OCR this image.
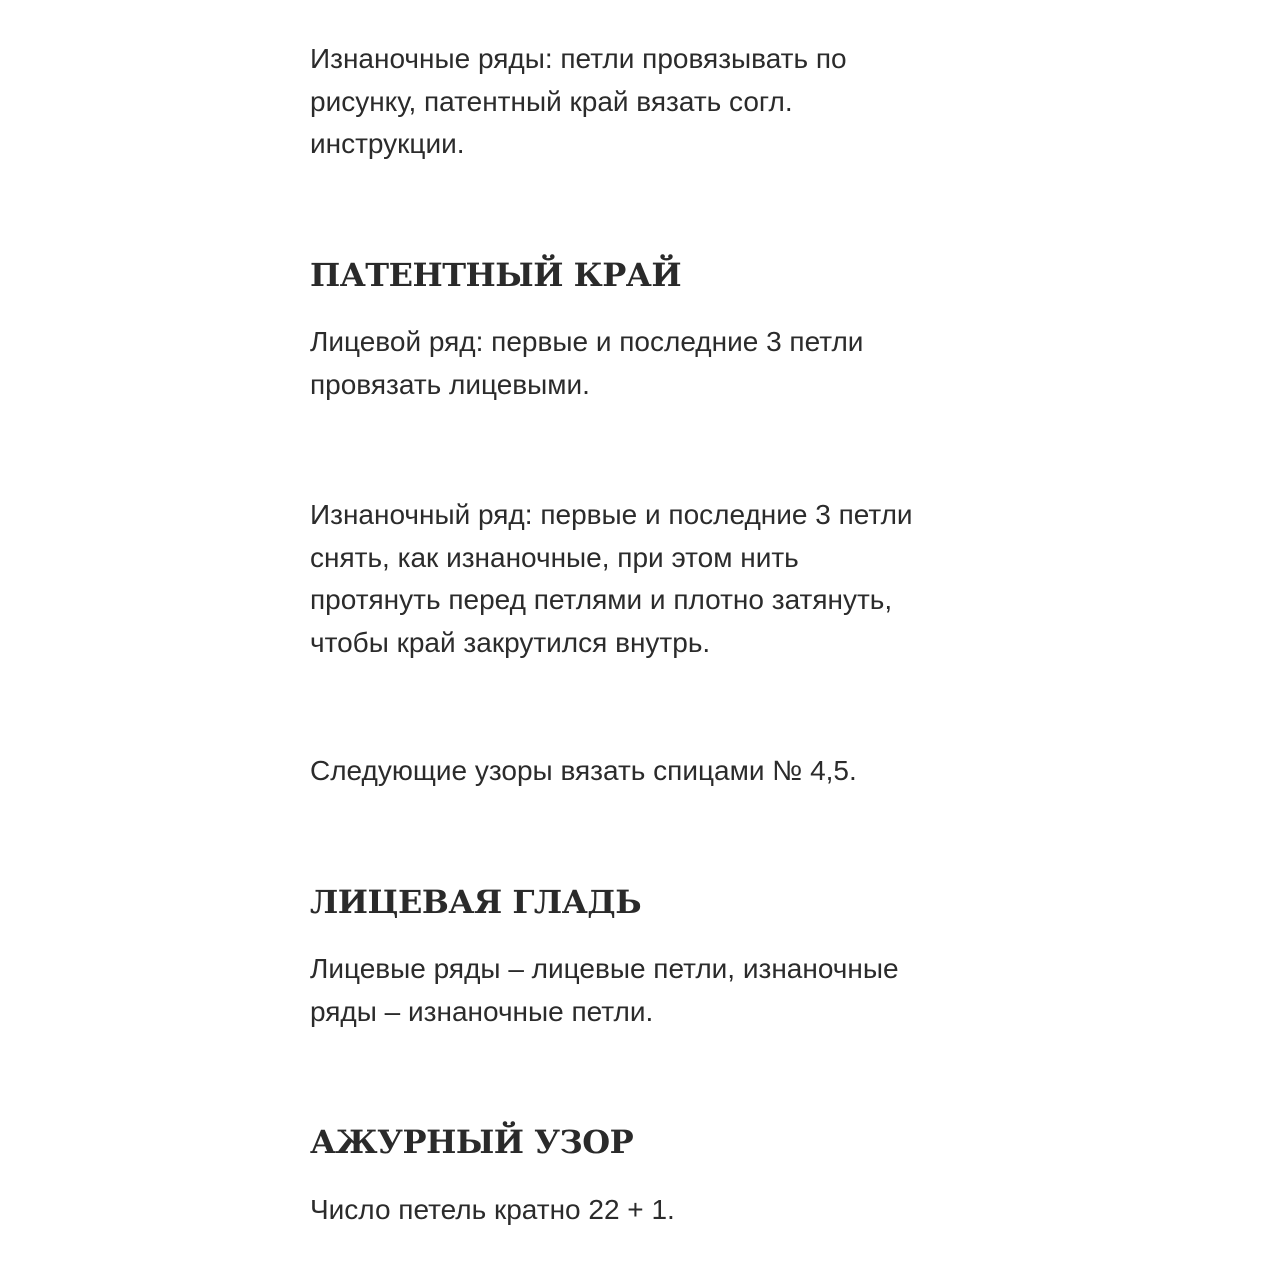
Изнаночные ряды: петли провязывать по
рисунку, патентный край вязать согл.
инструкции.

ПАТЕНТНЫЙ КРАЙ

Лицевой ряд: первые и последние 3 петли
провязать лицевыми.

Изнаночный ряд: первые и последние 3 петли
снять, как изнаночные, при этом нить
протянуть перед петлями и плотно затянуть,
чтобы край закрутился внутрь.

Следующие узоры вязать спицами № 4,5.

ЛИЦЕВАЯ ГЛАДЬ

Лицевые ряды – лицевые петли, изнаночные
ряды – изнаночные петли.

АЖУРНЫЙ УЗОР

Число петель кратно 22 + 1.
